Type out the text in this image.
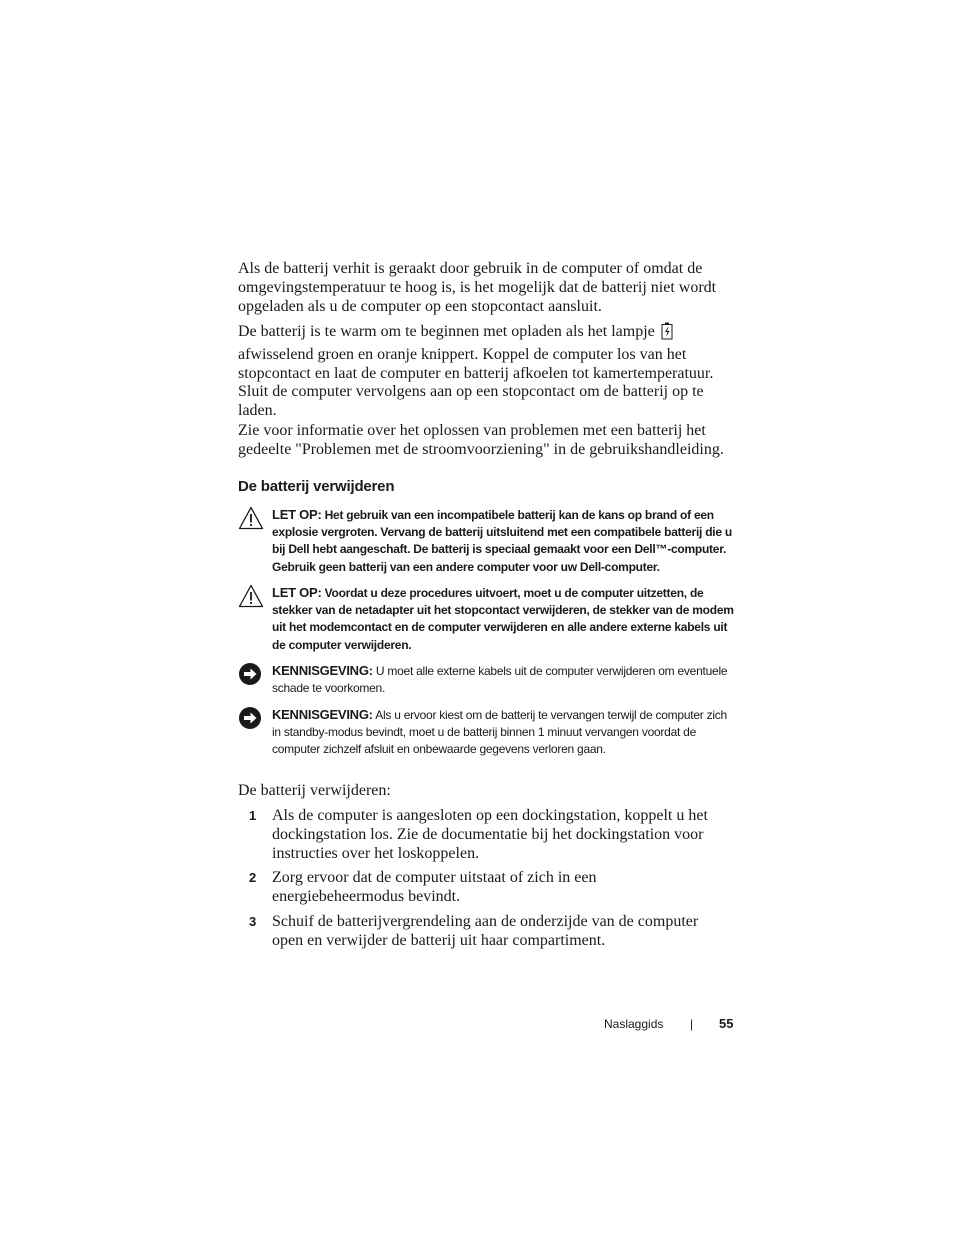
Als de batterij verhit is geraakt door gebruik in de computer of omdat de omgevingstemperatuur te hoog is, is het mogelijk dat de batterij niet wordt opgeladen als u de computer op een stopcontact aansluit.

De batterij is te warm om te beginnen met opladen als het lampje afwisselend groen en oranje knippert. Koppel de computer los van het stopcontact en laat de computer en batterij afkoelen tot kamertemperatuur. Sluit de computer vervolgens aan op een stopcontact om de batterij op te laden.

Zie voor informatie over het oplossen van problemen met een batterij het gedeelte "Problemen met de stroomvoorziening" in de gebruikshandleiding.

De batterij verwijderen
LET OP: Het gebruik van een incompatibele batterij kan de kans op brand of een explosie vergroten. Vervang de batterij uitsluitend met een compatibele batterij die u bij Dell hebt aangeschaft. De batterij is speciaal gemaakt voor een Dell™-computer. Gebruik geen batterij van een andere computer voor uw Dell-computer.
LET OP: Voordat u deze procedures uitvoert, moet u de computer uitzetten, de stekker van de netadapter uit het stopcontact verwijderen, de stekker van de modem uit het modemcontact en de computer verwijderen en alle andere externe kabels uit de computer verwijderen.
KENNISGEVING: U moet alle externe kabels uit de computer verwijderen om eventuele schade te voorkomen.
KENNISGEVING: Als u ervoor kiest om de batterij te vervangen terwijl de computer zich in standby-modus bevindt, moet u de batterij binnen 1 minuut vervangen voordat de computer zichzelf afsluit en onbewaarde gegevens verloren gaan.

De batterij verwijderen:

1 Als de computer is aangesloten op een dockingstation, koppelt u het dockingstation los. Zie de documentatie bij het dockingstation voor instructies over het loskoppelen.

2 Zorg ervoor dat de computer uitstaat of zich in een energiebeheermodus bevindt.

3 Schuif de batterijvergrendeling aan de onderzijde van de computer open en verwijder de batterij uit haar compartiment.

Naslaggids | 55
